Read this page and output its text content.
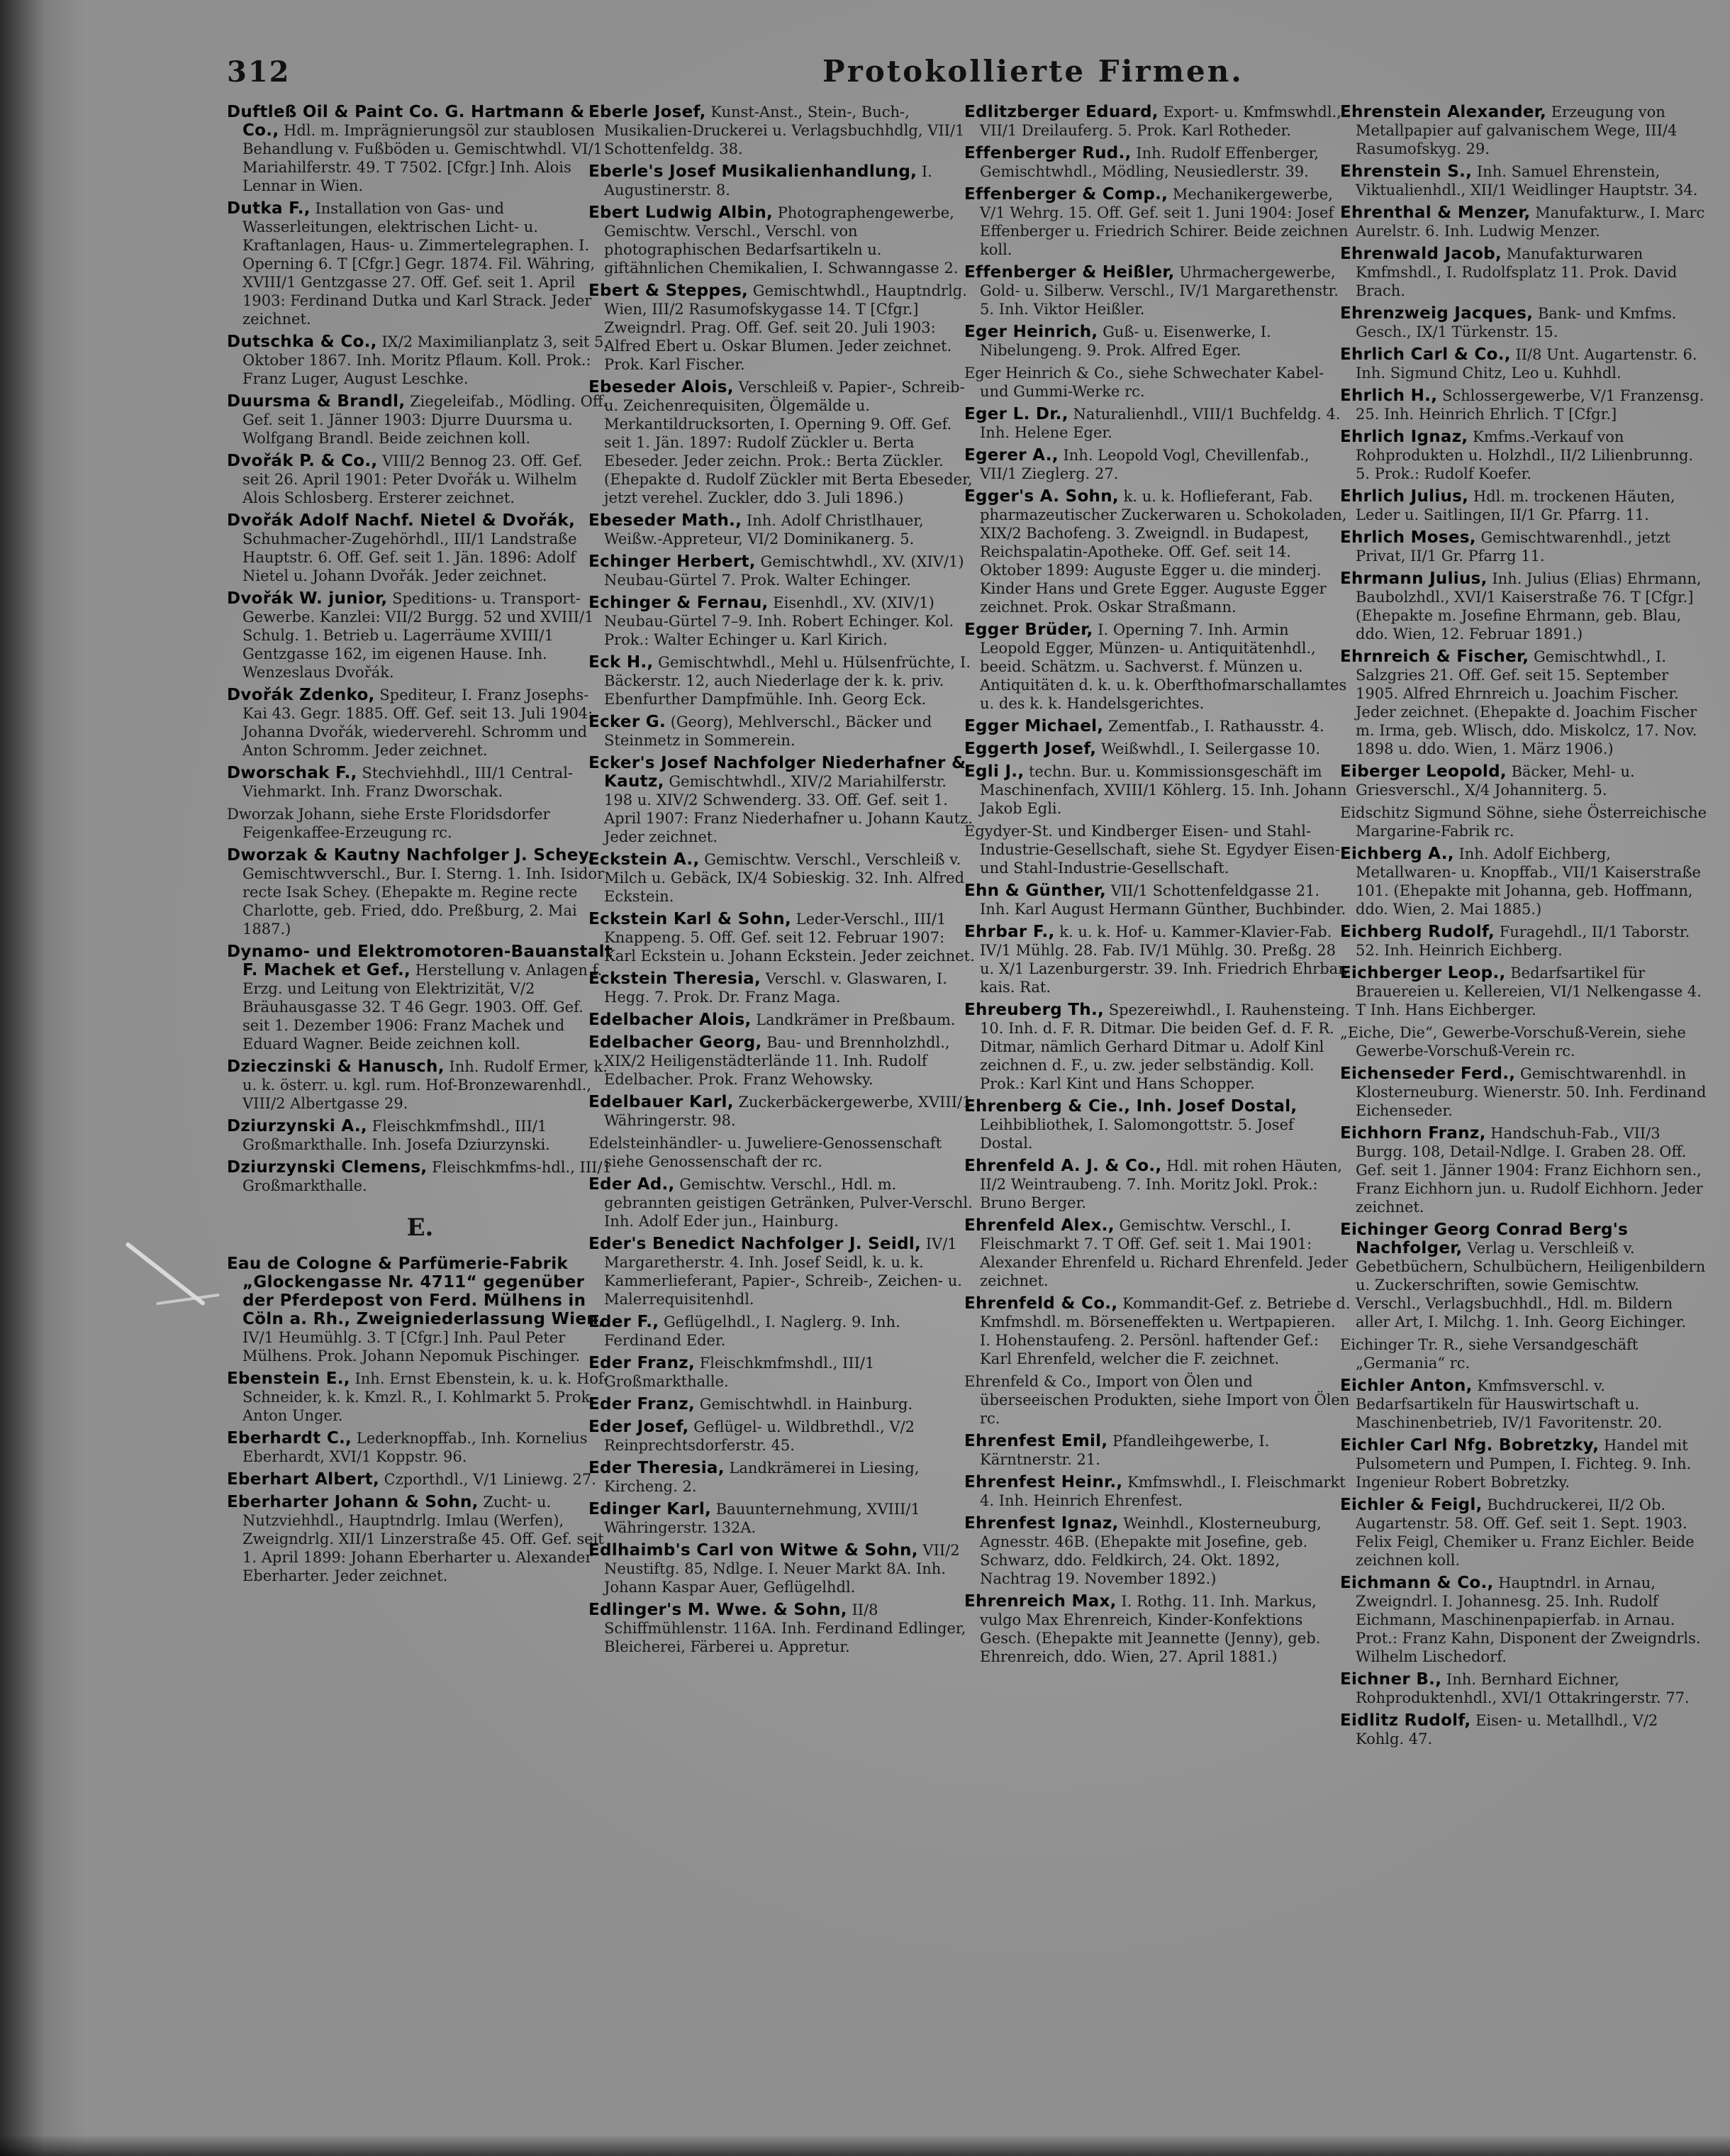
312	Protokollierte Firmen.
Duftleß Oil & Paint Co. G. Hartmann & Co., Hdl. m. Imprägnierungsöl zur staublosen Behandlung v. Fußböden u. Gemischtwhdl. VI/1 Mariahilferstr. 49. T 7502. [Cfgr.] Inh. Alois Lennar in Wien.
Dutka F., Installation von Gas- und Wasserleitungen, elektrischen Licht- u. Kraftanlagen, Haus- u. Zimmertelegraphen. I. Operning 6. T [Cfgr.] Gegr. 1874. Fil. Währing, XVIII/1 Gentzgasse 27. Off. Gef. seit 1. April 1903: Ferdinand Dutka und Karl Strack. Jeder zeichnet.
Dutschka & Co., IX/2 Maximilianplatz 3, seit 5. Oktober 1867. Inh. Moritz Pflaum. Koll. Prok.: Franz Luger, August Leschke.
Duursma & Brandl, Ziegeleifab., Mödling. Off. Gef. seit 1. Jänner 1903: Djurre Duursma u. Wolfgang Brandl. Beide zeichnen koll.
Dvořák P. & Co., VIII/2 Bennog 23. Off. Gef. seit 26. April 1901: Peter Dvořák u. Wilhelm Alois Schlosberg. Ersterer zeichnet.
Dvořák Adolf Nachf. Nietel & Dvořák, Schuhmacher-Zugehörhdl., III/1 Landstraße Hauptstr. 6. Off. Gef. seit 1. Jän. 1896: Adolf Nietel u. Johann Dvořák. Jeder zeichnet.
Dvořák W. junior, Speditions- u. Transport-Gewerbe. Kanzlei: VII/2 Burgg. 52 und XVIII/1 Schulg. 1. Betrieb u. Lagerräume XVIII/1 Gentzgasse 162, im eigenen Hause. Inh. Wenzeslaus Dvořák.
Dvořák Zdenko, Spediteur, I. Franz Josephs-Kai 43. Gegr. 1885. Off. Gef. seit 13. Juli 1904: Johanna Dvořák, wiederverehl. Schromm und Anton Schromm. Jeder zeichnet.
Dworschak F., Stechviehhdl., III/1 Central-Viehmarkt. Inh. Franz Dworschak.
Dworzak Johann, siehe Erste Floridsdorfer Feigenkaffee-Erzeugung rc.
Dworzak & Kautny Nachfolger J. Schey, Gemischtwverschl., Bur. I. Sterng. 1. Inh. Isidor recte Isak Schey. (Ehepakte m. Regine recte Charlotte, geb. Fried, ddo. Preßburg, 2. Mai 1887.)
Dynamo- und Elektromotoren-Bauanstalt F. Machek et Gef., Herstellung v. Anlagen f. Erzg. und Leitung von Elektrizität, V/2 Bräuhausgasse 32. T 46 Gegr. 1903. Off. Gef. seit 1. Dezember 1906: Franz Machek und Eduard Wagner. Beide zeichnen koll.
Dzieczinski & Hanusch, Inh. Rudolf Ermer, k. u. k. österr. u. kgl. rum. Hof-Bronzewarenhdl., VIII/2 Albertgasse 29.
Dziurzynski A., Fleischkmfmshdl., III/1 Großmarkthalle. Inh. Josefa Dziurzynski.
Dziurzynski Clemens, Fleischkmfms-hdl., III/1 Großmarkthalle.
E.
Eau de Cologne & Parfümerie-Fabrik „Glockengasse Nr. 4711“ gegenüber der Pferdepost von Ferd. Mülhens in Cöln a. Rh., Zweigniederlassung Wien, IV/1 Heumühlg. 3. T [Cfgr.] Inh. Paul Peter Mülhens. Prok. Johann Nepomuk Pischinger.
Ebenstein E., Inh. Ernst Ebenstein, k. u. k. Hof-Schneider, k. k. Kmzl. R., I. Kohlmarkt 5. Prok. Anton Unger.
Eberhardt C., Lederknopffab., Inh. Kornelius Eberhardt, XVI/1 Koppstr. 96.
Eberhart Albert, Czporthdl., V/1 Liniewg. 27.
Eberharter Johann & Sohn, Zucht- u. Nutzviehhdl., Hauptndrlg. Imlau (Werfen), Zweigndrlg. XII/1 Linzerstraße 45. Off. Gef. seit 1. April 1899: Johann Eberharter u. Alexander Eberharter. Jeder zeichnet.
Eberle Josef, Kunst-Anst., Stein-, Buch-, Musikalien-Druckerei u. Verlagsbuchhdlg, VII/1 Schottenfeldg. 38.
Eberle's Josef Musikalienhandlung, I. Augustinerstr. 8.
Ebert Ludwig Albin, Photographengewerbe, Gemischtw. Verschl., Verschl. von photographischen Bedarfsartikeln u. giftähnlichen Chemikalien, I. Schwanngasse 2.
Ebert & Steppes, Gemischtwhdl., Hauptndrlg. Wien, III/2 Rasumofskygasse 14. T [Cfgr.] Zweigndrl. Prag. Off. Gef. seit 20. Juli 1903: Alfred Ebert u. Oskar Blumen. Jeder zeichnet. Prok. Karl Fischer.
Ebeseder Alois, Verschleiß v. Papier-, Schreib- u. Zeichenrequisiten, Ölgemälde u. Merkantildrucksorten, I. Operning 9. Off. Gef. seit 1. Jän. 1897: Rudolf Zückler u. Berta Ebeseder. Jeder zeichn. Prok.: Berta Zückler. (Ehepakte d. Rudolf Zückler mit Berta Ebeseder, jetzt verehel. Zuckler, ddo 3. Juli 1896.)
Ebeseder Math., Inh. Adolf Christlhauer, Weißw.-Appreteur, VI/2 Dominikanerg. 5.
Echinger Herbert, Gemischtwhdl., XV. (XIV/1) Neubau-Gürtel 7. Prok. Walter Echinger.
Echinger & Fernau, Eisenhdl., XV. (XIV/1) Neubau-Gürtel 7–9. Inh. Robert Echinger. Kol. Prok.: Walter Echinger u. Karl Kirich.
Eck H., Gemischtwhdl., Mehl u. Hülsenfrüchte, I. Bäckerstr. 12, auch Niederlage der k. k. priv. Ebenfurther Dampfmühle. Inh. Georg Eck.
Ecker G. (Georg), Mehlverschl., Bäcker und Steinmetz in Sommerein.
Ecker's Josef Nachfolger Niederhafner & Kautz, Gemischtwhdl., XIV/2 Mariahilferstr. 198 u. XIV/2 Schwenderg. 33. Off. Gef. seit 1. April 1907: Franz Niederhafner u. Johann Kautz. Jeder zeichnet.
Eckstein A., Gemischtw. Verschl., Verschleiß v. Milch u. Gebäck, IX/4 Sobieskig. 32. Inh. Alfred Eckstein.
Eckstein Karl & Sohn, Leder-Verschl., III/1 Knappeng. 5. Off. Gef. seit 12. Februar 1907: Karl Eckstein u. Johann Eckstein. Jeder zeichnet.
Eckstein Theresia, Verschl. v. Glaswaren, I. Hegg. 7. Prok. Dr. Franz Maga.
Edelbacher Alois, Landkrämer in Preßbaum.
Edelbacher Georg, Bau- und Brennholzhdl., XIX/2 Heiligenstädterlände 11. Inh. Rudolf Edelbacher. Prok. Franz Wehowsky.
Edelbauer Karl, Zuckerbäckergewerbe, XVIII/1 Währingerstr. 98.
Edelsteinhändler- u. Juweliere-Genossenschaft siehe Genossenschaft der rc.
Eder Ad., Gemischtw. Verschl., Hdl. m. gebrannten geistigen Getränken, Pulver-Verschl. Inh. Adolf Eder jun., Hainburg.
Eder's Benedict Nachfolger J. Seidl, IV/1 Margaretherstr. 4. Inh. Josef Seidl, k. u. k. Kammerlieferant, Papier-, Schreib-, Zeichen- u. Malerrequisitenhdl.
Eder F., Geflügelhdl., I. Naglerg. 9. Inh. Ferdinand Eder.
Eder Franz, Fleischkmfmshdl., III/1 Großmarkthalle.
Eder Franz, Gemischtwhdl. in Hainburg.
Eder Josef, Geflügel- u. Wildbrethdl., V/2 Reinprechtsdorferstr. 45.
Eder Theresia, Landkrämerei in Liesing, Kircheng. 2.
Edinger Karl, Bauunternehmung, XVIII/1 Währingerstr. 132A.
Edlhaimb's Carl von Witwe & Sohn, VII/2 Neustiftg. 85, Ndlge. I. Neuer Markt 8A. Inh. Johann Kaspar Auer, Geflügelhdl.
Edlinger's M. Wwe. & Sohn, II/8 Schiffmühlenstr. 116A. Inh. Ferdinand Edlinger, Bleicherei, Färberei u. Appretur.
Edlitzberger Eduard, Export- u. Kmfmswhdl., VII/1 Dreilauferg. 5. Prok. Karl Rotheder.
Effenberger Rud., Inh. Rudolf Effenberger, Gemischtwhdl., Mödling, Neusiedlerstr. 39.
Effenberger & Comp., Mechanikergewerbe, V/1 Wehrg. 15. Off. Gef. seit 1. Juni 1904: Josef Effenberger u. Friedrich Schirer. Beide zeichnen koll.
Effenberger & Heißler, Uhrmachergewerbe, Gold- u. Silberw. Verschl., IV/1 Margarethenstr. 5. Inh. Viktor Heißler.
Eger Heinrich, Guß- u. Eisenwerke, I. Nibelungeng. 9. Prok. Alfred Eger.
Eger Heinrich & Co., siehe Schwechater Kabel- und Gummi-Werke rc.
Eger L. Dr., Naturalienhdl., VIII/1 Buchfeldg. 4. Inh. Helene Eger.
Egerer A., Inh. Leopold Vogl, Chevillenfab., VII/1 Zieglerg. 27.
Egger's A. Sohn, k. u. k. Hoflieferant, Fab. pharmazeutischer Zuckerwaren u. Schokoladen, XIX/2 Bachofeng. 3. Zweigndl. in Budapest, Reichspalatin-Apotheke. Off. Gef. seit 14. Oktober 1899: Auguste Egger u. die minderj. Kinder Hans und Grete Egger. Auguste Egger zeichnet. Prok. Oskar Straßmann.
Egger Brüder, I. Operning 7. Inh. Armin Leopold Egger, Münzen- u. Antiquitätenhdl., beeid. Schätzm. u. Sachverst. f. Münzen u. Antiquitäten d. k. u. k. Oberfthofmarschallamtes u. des k. k. Handelsgerichtes.
Egger Michael, Zementfab., I. Rathausstr. 4.
Eggerth Josef, Weißwhdl., I. Seilergasse 10.
Egli J., techn. Bur. u. Kommissionsgeschäft im Maschinenfach, XVIII/1 Köhlerg. 15. Inh. Johann Jakob Egli.
Egydyer-St. und Kindberger Eisen- und Stahl-Industrie-Gesellschaft, siehe St. Egydyer Eisen- und Stahl-Industrie-Gesellschaft.
Ehn & Günther, VII/1 Schottenfeldgasse 21. Inh. Karl August Hermann Günther, Buchbinder.
Ehrbar F., k. u. k. Hof- u. Kammer-Klavier-Fab. IV/1 Mühlg. 28. Fab. IV/1 Mühlg. 30. Preßg. 28 u. X/1 Lazenburgerstr. 39. Inh. Friedrich Ehrbar, kais. Rat.
Ehreuberg Th., Spezereiwhdl., I. Rauhensteing. 10. Inh. d. F. R. Ditmar. Die beiden Gef. d. F. R. Ditmar, nämlich Gerhard Ditmar u. Adolf Kinl zeichnen d. F., u. zw. jeder selbständig. Koll. Prok.: Karl Kint und Hans Schopper.
Ehrenberg & Cie., Inh. Josef Dostal, Leihbibliothek, I. Salomongottstr. 5. Josef Dostal.
Ehrenfeld A. J. & Co., Hdl. mit rohen Häuten, II/2 Weintraubeng. 7. Inh. Moritz Jokl. Prok.: Bruno Berger.
Ehrenfeld Alex., Gemischtw. Verschl., I. Fleischmarkt 7. T Off. Gef. seit 1. Mai 1901: Alexander Ehrenfeld u. Richard Ehrenfeld. Jeder zeichnet.
Ehrenfeld & Co., Kommandit-Gef. z. Betriebe d. Kmfmshdl. m. Börseneffekten u. Wertpapieren. I. Hohenstaufeng. 2. Persönl. haftender Gef.: Karl Ehrenfeld, welcher die F. zeichnet.
Ehrenfeld & Co., Import von Ölen und überseeischen Produkten, siehe Import von Ölen rc.
Ehrenfest Emil, Pfandleihgewerbe, I. Kärntnerstr. 21.
Ehrenfest Heinr., Kmfmswhdl., I. Fleischmarkt 4. Inh. Heinrich Ehrenfest.
Ehrenfest Ignaz, Weinhdl., Klosterneuburg, Agnesstr. 46B. (Ehepakte mit Josefine, geb. Schwarz, ddo. Feldkirch, 24. Okt. 1892, Nachtrag 19. November 1892.)
Ehrenreich Max, I. Rothg. 11. Inh. Markus, vulgo Max Ehrenreich, Kinder-Konfektions Gesch. (Ehepakte mit Jeannette (Jenny), geb. Ehrenreich, ddo. Wien, 27. April 1881.)
Ehrenstein Alexander, Erzeugung von Metallpapier auf galvanischem Wege, III/4 Rasumofskyg. 29.
Ehrenstein S., Inh. Samuel Ehrenstein, Viktualienhdl., XII/1 Weidlinger Hauptstr. 34.
Ehrenthal & Menzer, Manufakturw., I. Marc Aurelstr. 6. Inh. Ludwig Menzer.
Ehrenwald Jacob, Manufakturwaren Kmfmshdl., I. Rudolfsplatz 11. Prok. David Brach.
Ehrenzweig Jacques, Bank- und Kmfms. Gesch., IX/1 Türkenstr. 15.
Ehrlich Carl & Co., II/8 Unt. Augartenstr. 6. Inh. Sigmund Chitz, Leo u. Kuhhdl.
Ehrlich H., Schlossergewerbe, V/1 Franzensg. 25. Inh. Heinrich Ehrlich. T [Cfgr.]
Ehrlich Ignaz, Kmfms.-Verkauf von Rohprodukten u. Holzhdl., II/2 Lilienbrunng. 5. Prok.: Rudolf Koefer.
Ehrlich Julius, Hdl. m. trockenen Häuten, Leder u. Saitlingen, II/1 Gr. Pfarrg. 11.
Ehrlich Moses, Gemischtwarenhdl., jetzt Privat, II/1 Gr. Pfarrg 11.
Ehrmann Julius, Inh. Julius (Elias) Ehrmann, Baubolzhdl., XVI/1 Kaiserstraße 76. T [Cfgr.] (Ehepakte m. Josefine Ehrmann, geb. Blau, ddo. Wien, 12. Februar 1891.)
Ehrnreich & Fischer, Gemischtwhdl., I. Salzgries 21. Off. Gef. seit 15. September 1905. Alfred Ehrnreich u. Joachim Fischer. Jeder zeichnet. (Ehepakte d. Joachim Fischer m. Irma, geb. Wlisch, ddo. Miskolcz, 17. Nov. 1898 u. ddo. Wien, 1. März 1906.)
Eiberger Leopold, Bäcker, Mehl- u. Griesverschl., X/4 Johanniterg. 5.
Eidschitz Sigmund Söhne, siehe Österreichische Margarine-Fabrik rc.
Eichberg A., Inh. Adolf Eichberg, Metallwaren- u. Knopffab., VII/1 Kaiserstraße 101. (Ehepakte mit Johanna, geb. Hoffmann, ddo. Wien, 2. Mai 1885.)
Eichberg Rudolf, Furagehdl., II/1 Taborstr. 52. Inh. Heinrich Eichberg.
Eichberger Leop., Bedarfsartikel für Brauereien u. Kellereien, VI/1 Nelkengasse 4. T Inh. Hans Eichberger.
„Eiche, Die“, Gewerbe-Vorschuß-Verein, siehe Gewerbe-Vorschuß-Verein rc.
Eichenseder Ferd., Gemischtwarenhdl. in Klosterneuburg. Wienerstr. 50. Inh. Ferdinand Eichenseder.
Eichhorn Franz, Handschuh-Fab., VII/3 Burgg. 108, Detail-Ndlge. I. Graben 28. Off. Gef. seit 1. Jänner 1904: Franz Eichhorn sen., Franz Eichhorn jun. u. Rudolf Eichhorn. Jeder zeichnet.
Eichinger Georg Conrad Berg's Nachfolger, Verlag u. Verschleiß v. Gebetbüchern, Schulbüchern, Heiligenbildern u. Zuckerschriften, sowie Gemischtw. Verschl., Verlagsbuchhdl., Hdl. m. Bildern aller Art, I. Milchg. 1. Inh. Georg Eichinger.
Eichinger Tr. R., siehe Versandgeschäft „Germania“ rc.
Eichler Anton, Kmfmsverschl. v. Bedarfsartikeln für Hauswirtschaft u. Maschinenbetrieb, IV/1 Favoritenstr. 20.
Eichler Carl Nfg. Bobretzky, Handel mit Pulsometern und Pumpen, I. Fichteg. 9. Inh. Ingenieur Robert Bobretzky.
Eichler & Feigl, Buchdruckerei, II/2 Ob. Augartenstr. 58. Off. Gef. seit 1. Sept. 1903. Felix Feigl, Chemiker u. Franz Eichler. Beide zeichnen koll.
Eichmann & Co., Hauptndrl. in Arnau, Zweigndrl. I. Johannesg. 25. Inh. Rudolf Eichmann, Maschinenpapierfab. in Arnau. Prot.: Franz Kahn, Disponent der Zweigndrls. Wilhelm Lischedorf.
Eichner B., Inh. Bernhard Eichner, Rohproduktenhdl., XVI/1 Ottakringerstr. 77.
Eidlitz Rudolf, Eisen- u. Metallhdl., V/2 Kohlg. 47.
